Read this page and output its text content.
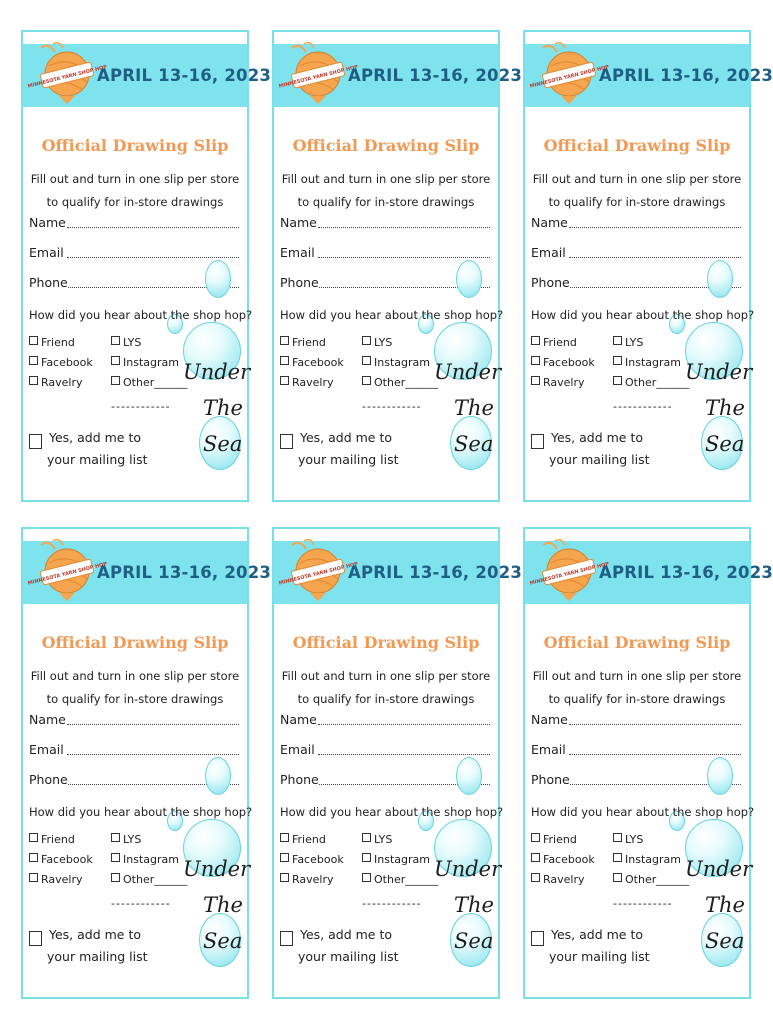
MINNESOTA YARN SHOP HOP
APRIL 13-16, 2023
Official Drawing Slip
Fill out and turn in one slip per store
to qualify for in-store drawings
Name
Email
Phone
How did you hear about the shop hop?
Friend
Facebook
Ravelry
LYS
Instagram
Other______
------------
Under
The
Sea
Yes, add me to
your mailing list
MINNESOTA YARN SHOP HOP
APRIL 13-16, 2023
Official Drawing Slip
Fill out and turn in one slip per store
to qualify for in-store drawings
Name
Email
Phone
How did you hear about the shop hop?
Friend
Facebook
Ravelry
LYS
Instagram
Other______
------------
Under
The
Sea
Yes, add me to
your mailing list
MINNESOTA YARN SHOP HOP
APRIL 13-16, 2023
Official Drawing Slip
Fill out and turn in one slip per store
to qualify for in-store drawings
Name
Email
Phone
How did you hear about the shop hop?
Friend
Facebook
Ravelry
LYS
Instagram
Other______
------------
Under
The
Sea
Yes, add me to
your mailing list
MINNESOTA YARN SHOP HOP
APRIL 13-16, 2023
Official Drawing Slip
Fill out and turn in one slip per store
to qualify for in-store drawings
Name
Email
Phone
How did you hear about the shop hop?
Friend
Facebook
Ravelry
LYS
Instagram
Other______
------------
Under
The
Sea
Yes, add me to
your mailing list
MINNESOTA YARN SHOP HOP
APRIL 13-16, 2023
Official Drawing Slip
Fill out and turn in one slip per store
to qualify for in-store drawings
Name
Email
Phone
How did you hear about the shop hop?
Friend
Facebook
Ravelry
LYS
Instagram
Other______
------------
Under
The
Sea
Yes, add me to
your mailing list
MINNESOTA YARN SHOP HOP
APRIL 13-16, 2023
Official Drawing Slip
Fill out and turn in one slip per store
to qualify for in-store drawings
Name
Email
Phone
How did you hear about the shop hop?
Friend
Facebook
Ravelry
LYS
Instagram
Other______
------------
Under
The
Sea
Yes, add me to
your mailing list
